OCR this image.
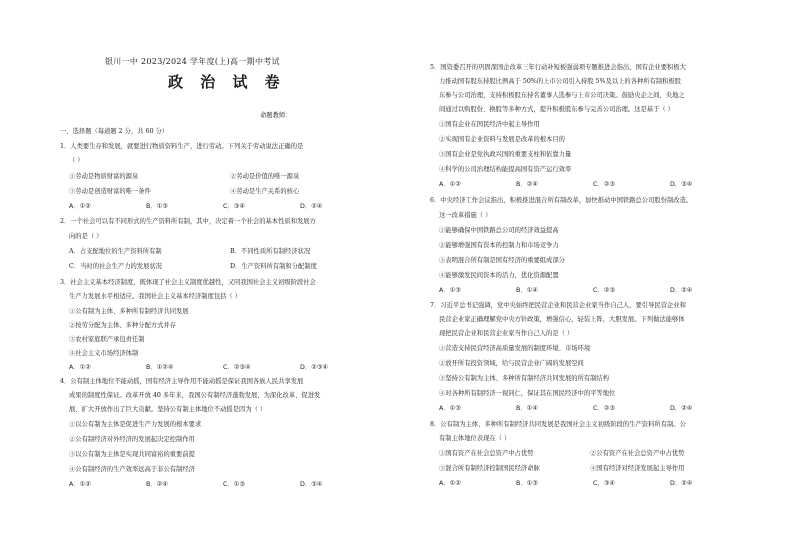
银川一中 2023/2024 学年度(上)高一期中考试
政 治 试 卷
命题教师：
一、选择题（每道题 2 分，共 60 分）
1．人类要生存和发展，就要进行物质资料生产，进行劳动。下列关于劳动说法正确的是
（ ）
①劳动是物质财富的源泉	②劳动是价值的唯一源泉
③劳动是创造财富的唯一条件	④劳动是生产关系的核心
A．①②	B．①③	C．③④	D．②④
2．一个社会可以有不同形式的生产资料所有制，其中，决定着一个社会的基本性质和发展方
向的是（ ）
A．占支配地位的生产资料所有制	B．不同性质所有制经济状况
C．当时的社会生产力的发展状况	D．生产资料所有制和分配制度
3．社会主义基本经济制度，既体现了社会主义制度优越性，又同我国社会主义初级阶段社会
生产力发展水平相适应。我国社会主义基本经济制度包括（ ）
①公有制为主体、多种所有制经济共同发展
②按劳分配为主体、多种分配方式并存
③农村家庭联产承包责任制
④社会主义市场经济体制
A．①②	B．①②④	C．②③④	D．②③④
4．公有制主体地位不能动摇，国有经济主导作用不能动摇是保证我国各族人民共享发展
成果的制度性保证。改革开放 40 多年来，我国公有制经济蓬勃发展，为深化改革、促进发
展、扩大开放作出了巨大贡献。坚持公有制主体地位不动摇是因为（ ）
①以公有制为主体是促进生产力发展的根本要求
②公有制经济对外经济的发展起决定控制作用
③以公有制为主体是实现共同富裕的重要前提
④公有制经济的生产效率远高于非公有制经济
A．①②	B．②④	C．①③	D．③④
5．国资委召开的巩固深国企改革三年行动补短板强弱项专题推进会指出，国有企业要积极大
力推动国有股东持股比例高于 50%的上市公司引入持股 5%及以上的各种所有制积极股
东参与公司治理，支持积极股东持名董事人选参与上市公司决策。鼓励央企之间、央地之
间通过以购股份、换股等多种方式，提升积极股东参与完善公司治理。这是基于（ ）
①国有企业在国民经济中起主导作用
②实现国有企业资料与发展是改革的根本目的
③国有企业是党执政兴国的重要支柱和依靠力量
④科学的公司治理结构能提高国有资产运行效率
A．①②	B．②④	C．②③	D．③④
6．中央经济工作会议指出，积极推进混合所有制改革，加快推动中国铁路总公司股份制改造。
这一改革措施（ ）
①能够确保中国铁路总公司的经济效益提高
②能够增强国有资本的控制力和市场竞争力
③表明混合所有制是国有经济的重要组成部分
④能够激发民间资本的活力，优化资源配置
A．①③	B．①④	C．②③	D．②④
7．习近平总书记强调，党中央始终把民营企业和民营企业家当作自己人，要引导民营企业和
民营企业家正确理解党中央方针政策，增强信心，轻装上阵，大胆发展。下列做法能够体
现把民营企业和民营企业家当作自己人的是（ ）
①营造支持民营经济高质量发展的制度环境、市场环境
②放开所有投资领域，给与民营企业广阔的发展空间
③坚持公有制为主体、多种所有制经济共同发展的所有制结构
④对各种所有制经济一视同仁，保证其在国民经济中的平等地位
A．①③	B．①④	C．②③	D．②④
8．公有制为主体、多种所有制经济共同发展是我国社会主义初级阶段的生产资料所有制。公
有制主体地位表现在（ ）
①国有资产在社会总资产中占优势	②公有资产在社会总资产中占优势
③混合所有制经济控制国民经济命脉	④国有经济对经济发展起主导作用
A．①②	B．①③	C．③④	D．②④
